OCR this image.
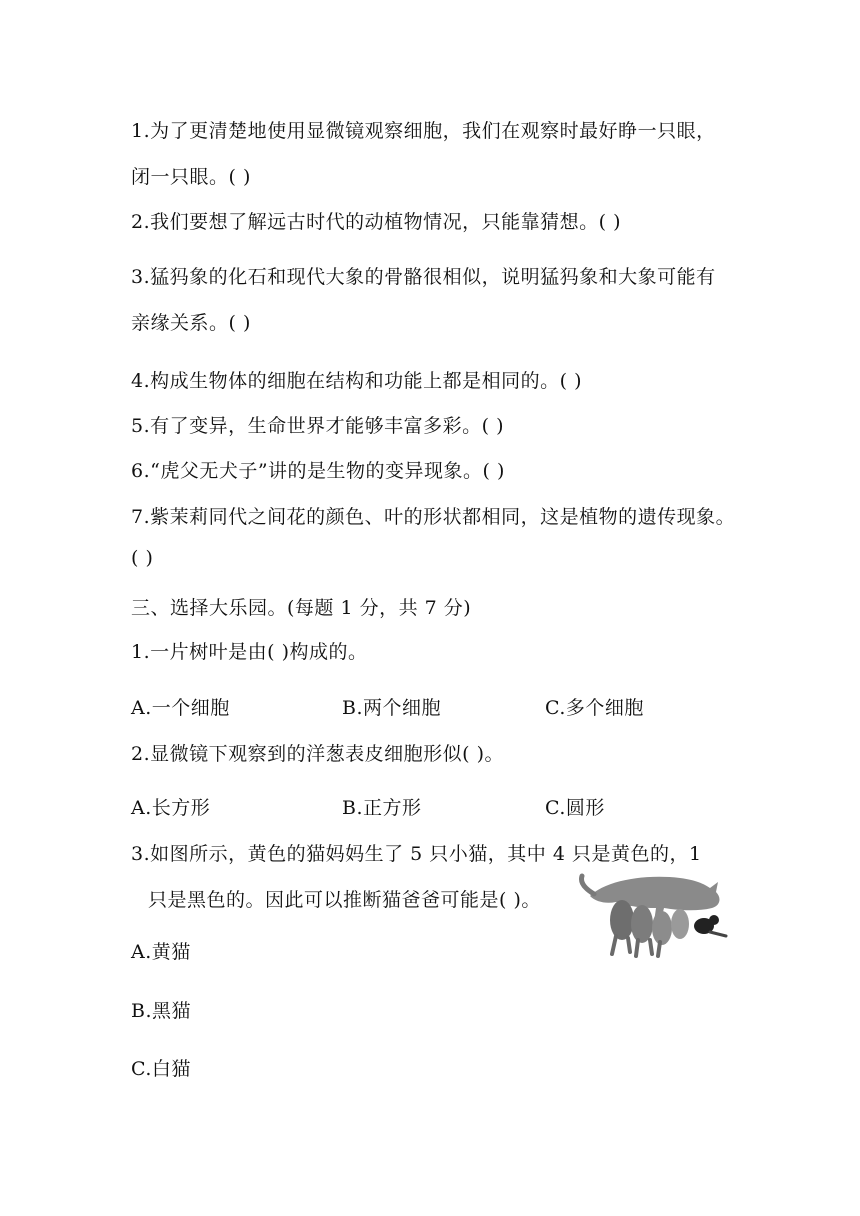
1.为了更清楚地使用显微镜观察细胞，我们在观察时最好睁一只眼，
闭一只眼。( )
2.我们要想了解远古时代的动植物情况，只能靠猜想。( )
3.猛犸象的化石和现代大象的骨骼很相似，说明猛犸象和大象可能有
亲缘关系。( )
4.构成生物体的细胞在结构和功能上都是相同的。( )
5.有了变异，生命世界才能够丰富多彩。( )
6.“虎父无犬子”讲的是生物的变异现象。( )
7.紫茉莉同代之间花的颜色、叶的形状都相同，这是植物的遗传现象。
( )
三、选择大乐园。(每题 1 分，共 7 分)
1.一片树叶是由( )构成的。
A.一个细胞	B.两个细胞	C.多个细胞
2.显微镜下观察到的洋葱表皮细胞形似( )。
A.长方形	B.正方形	C.圆形
3.如图所示，黄色的猫妈妈生了 5 只小猫，其中 4 只是黄色的，1
只是黑色的。因此可以推断猫爸爸可能是( )。
A.黄猫
B.黑猫
C.白猫
